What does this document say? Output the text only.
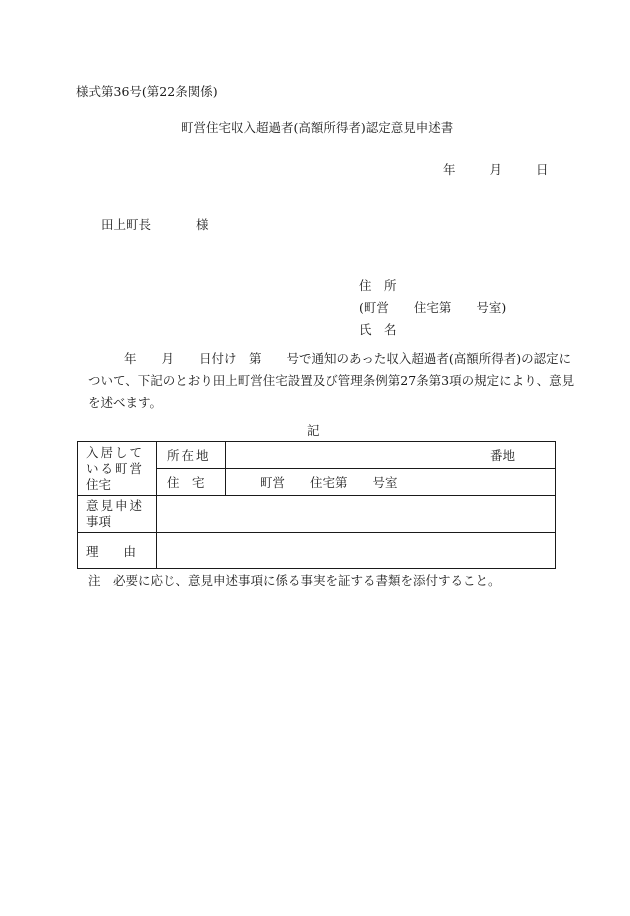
様式第36号(第22条関係)
町営住宅収入超過者(高額所得者)認定意見申述書
年	月	日
田上町長	様
住　所
(町営　　住宅第　　号室)
氏　名
年　　月　　日付け　第　　号で通知のあった収入超過者(高額所得者)の認定に
ついて、下記のとおり田上町営住宅設置及び管理条例第27条第3項の規定により、意見
を述べます。
記
入居して
いる町営
住宅	所在地	番地
	住　宅	町営　　住宅第　　号室

意見申述
事項		

理　　由		
注　必要に応じ、意見申述事項に係る事実を証する書類を添付すること。
